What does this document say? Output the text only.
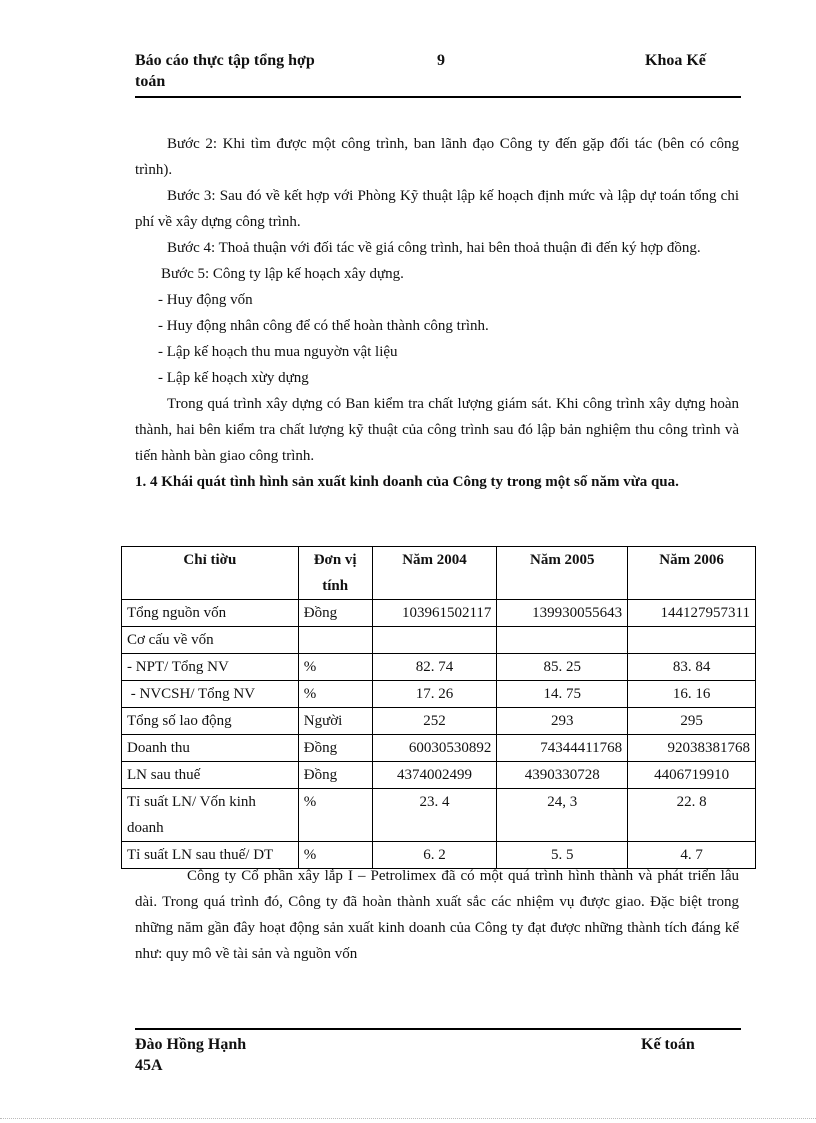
Báo cáo thực tập tổng hợp
toán
9	Khoa Kế

Bước 2: Khi tìm được một công trình, ban lãnh đạo Công ty đến gặp đối tác (bên có công trình).

Bước 3: Sau đó về kết hợp với Phòng Kỹ thuật lập kế hoạch định mức và lập dự toán tổng chi phí về xây dựng công trình.

Bước 4: Thoả thuận với đối tác về giá công trình, hai bên thoả thuận đi đến ký hợp đồng.

Bước 5: Công ty lập kế hoạch xây dựng.

- Huy động vốn

- Huy động nhân công để có thể hoàn thành công trình.

- Lập kế hoạch thu mua nguyờn vật liệu

- Lập kế hoạch xừy dựng

Trong quá trình xây dựng có Ban kiểm tra chất lượng giám sát. Khi công trình xây dựng hoàn thành, hai bên kiểm tra chất lượng kỹ thuật của công trình sau đó lập bản nghiệm thu công trình và tiến hành bàn giao công trình.

1. 4 Khái quát tình hình sản xuất kinh doanh của Công ty trong một số năm vừa qua.

Chỉ tiờu	Đơn vị tính	Năm 2004	Năm 2005	Năm 2006
Tổng nguồn vốn	Đồng	103961502117	139930055643	144127957311
Cơ cấu về vốn				
- NPT/ Tổng NV	%	82. 74	85. 25	83. 84
- NVCSH/ Tổng NV	%	17. 26	14. 75	16. 16
Tổng số lao động	Người	252	293	295
Doanh thu	Đồng	60030530892	74344411768	92038381768
LN sau thuế	Đồng	4374002499	4390330728	4406719910
Tỉ suất LN/ Vốn kinh doanh	%	23. 4	24, 3	22. 8
Tỉ suất LN sau thuế/ DT	%	6. 2	5. 5	4. 7

Công ty Cổ phần xây lắp I – Petrolimex đã có một quá trình hình thành và phát triển lâu dài. Trong quá trình đó, Công ty đã hoàn thành xuất sắc các nhiệm vụ được giao. Đặc biệt trong những năm gần đây hoạt động sản xuất kinh doanh của Công ty đạt được những thành tích đáng kể như: quy mô về tài sản và nguồn vốn

Đào Hồng Hạnh
45A
Kế toán
